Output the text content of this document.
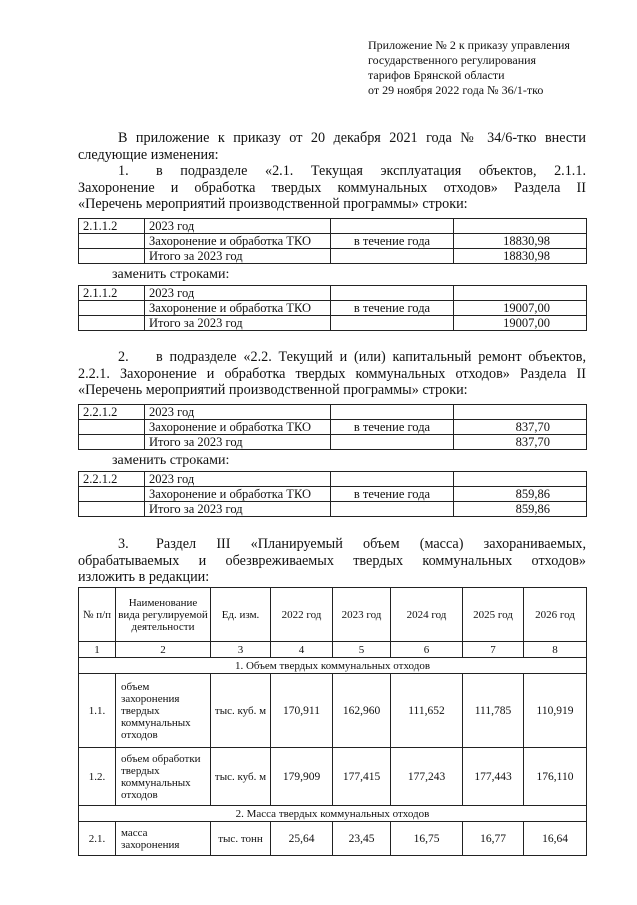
Приложение № 2 к приказу управления
государственного регулирования
тарифов Брянской области
от 29 ноября 2022 года № 36/1-тко
В приложение к приказу от 20 декабря 2021 года № 34/6-тко внести
следующие изменения:
1. в подразделе «2.1. Текущая эксплуатация объектов, 2.1.1.
Захоронение и обработка твердых коммунальных отходов» Раздела II
«Перечень мероприятий производственной программы» строки:
2.1.1.2	2023 год		
	Захоронение и обработка ТКО	в течение года	18830,98
	Итого за 2023 год		18830,98
заменить строками:
2.1.1.2	2023 год		
	Захоронение и обработка ТКО	в течение года	19007,00
	Итого за 2023 год		19007,00
2. в подразделе «2.2. Текущий и (или) капитальный ремонт объектов,
2.2.1. Захоронение и обработка твердых коммунальных отходов» Раздела II
«Перечень мероприятий производственной программы» строки:
2.2.1.2	2023 год		
	Захоронение и обработка ТКО	в течение года	837,70
	Итого за 2023 год		837,70
заменить строками:
2.2.1.2	2023 год		
	Захоронение и обработка ТКО	в течение года	859,86
	Итого за 2023 год		859,86
3. Раздел III «Планируемый объем (масса) захораниваемых,
обрабатываемых и обезвреживаемых твердых коммунальных отходов»
изложить в редакции:
№ п/п	Наименование вида регулируемой деятельности	Ед. изм.	2022 год	2023 год	2024 год	2025 год	2026 год
1	2	3	4	5	6	7	8
1. Объем твердых коммунальных отходов							
1.1.	объем захоронения твердых коммунальных отходов	тыс. куб. м	170,911	162,960	111,652	111,785	110,919
1.2.	объем обработки твердых коммунальных отходов	тыс. куб. м	179,909	177,415	177,243	177,443	176,110
2. Масса твердых коммунальных отходов							
2.1.	масса захоронения	тыс. тонн	25,64	23,45	16,75	16,77	16,64
